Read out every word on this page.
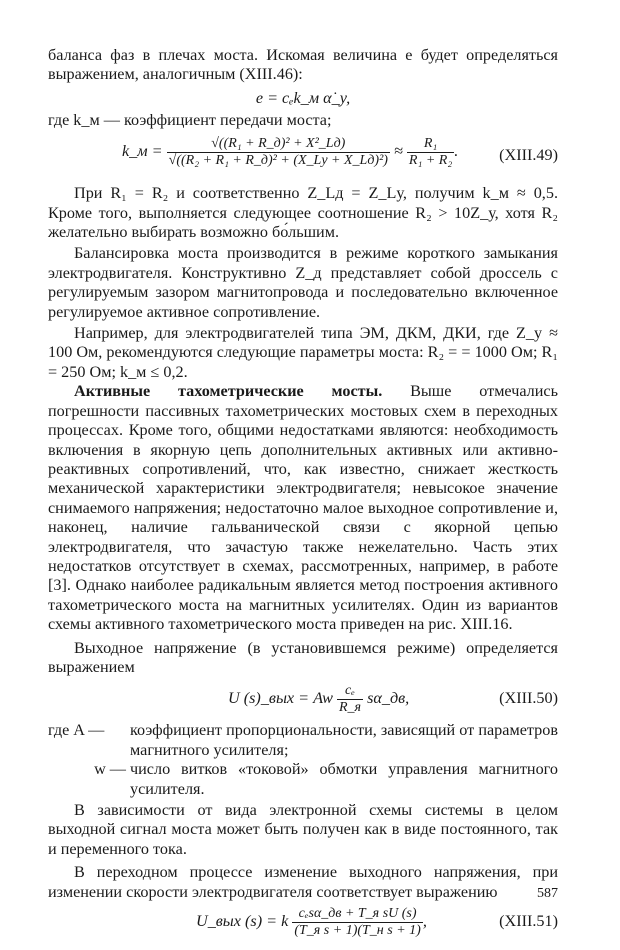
баланса фаз в плечах моста. Искомая величина e будет определяться выражением, аналогичным (XIII.46):

e = cₑk_м α̇_у,

где k_м — коэффициент передачи моста;

k_м = $\frac{\text{√((R₁ + R\_д)² + X²\_Lд)}}{\text{√((R₂ + R₁ + R\_д)² + (X\_Lу + X\_Lд)²)}} \approx \frac{\text{R₁}}{\text{R₁ + R₂}}$ .	(XIII.49)

При R₁ = R₂ и соответственно Z_Lд = Z_Lу, получим k_м ≈ 0,5. Кроме того, выполняется следующее соотношение R₂ > 10Z_у, хотя R₂ желательно выбирать возможно бо́льшим.

Балансировка моста производится в режиме короткого замыкания электродвигателя. Конструктивно Z_д представляет собой дроссель с регулируемым зазором магнитопровода и последовательно включенное регулируемое активное сопротивление.

Например, для электродвигателей типа ЭМ, ДКМ, ДКИ, где Z_у ≈ 100 Ом, рекомендуются следующие параметры моста: R₂ = = 1000 Ом; R₁ = 250 Ом; k_м ≤ 0,2.

Активные тахометрические мосты. Выше отмечались погрешности пассивных тахометрических мостовых схем в переходных процессах. Кроме того, общими недостатками являются: необходимость включения в якорную цепь дополнительных активных или активно-реактивных сопротивлений, что, как известно, снижает жесткость механической характеристики электродвигателя; невысокое значение снимаемого напряжения; недостаточно малое выходное сопротивление и, наконец, наличие гальванической связи с якорной цепью электродвигателя, что зачастую также нежелательно. Часть этих недостатков отсутствует в схемах, рассмотренных, например, в работе [3]. Однако наиболее радикальным является метод построения активного тахометрического моста на магнитных усилителях. Один из вариантов схемы активного тахометрического моста приведен на рис. XIII.16.

Выходное напряжение (в установившемся режиме) определяется выражением

U (s)_вых = Aw $\frac{\text{cₑ}}{R\_я}$ sα_дв,	(XIII.50)
где A —	коэффициент пропорциональности, зависящий от параметров магнитного усилителя;
w — число витков «токовой» обмотки управления магнитного усилителя.

В зависимости от вида электронной схемы системы в целом выходной сигнал моста может быть получен как в виде постоянного, так и переменного тока.

В переходном процессе изменение выходного напряжения, при изменении скорости электродвигателя соответствует выражению

U_вых (s) = k $\frac{\text{cₑsα\_дв + T\_я sU (s)}}{\text{(T\_я s + 1)(T\_н s + 1)}}$ ,	(XIII.51)
587
